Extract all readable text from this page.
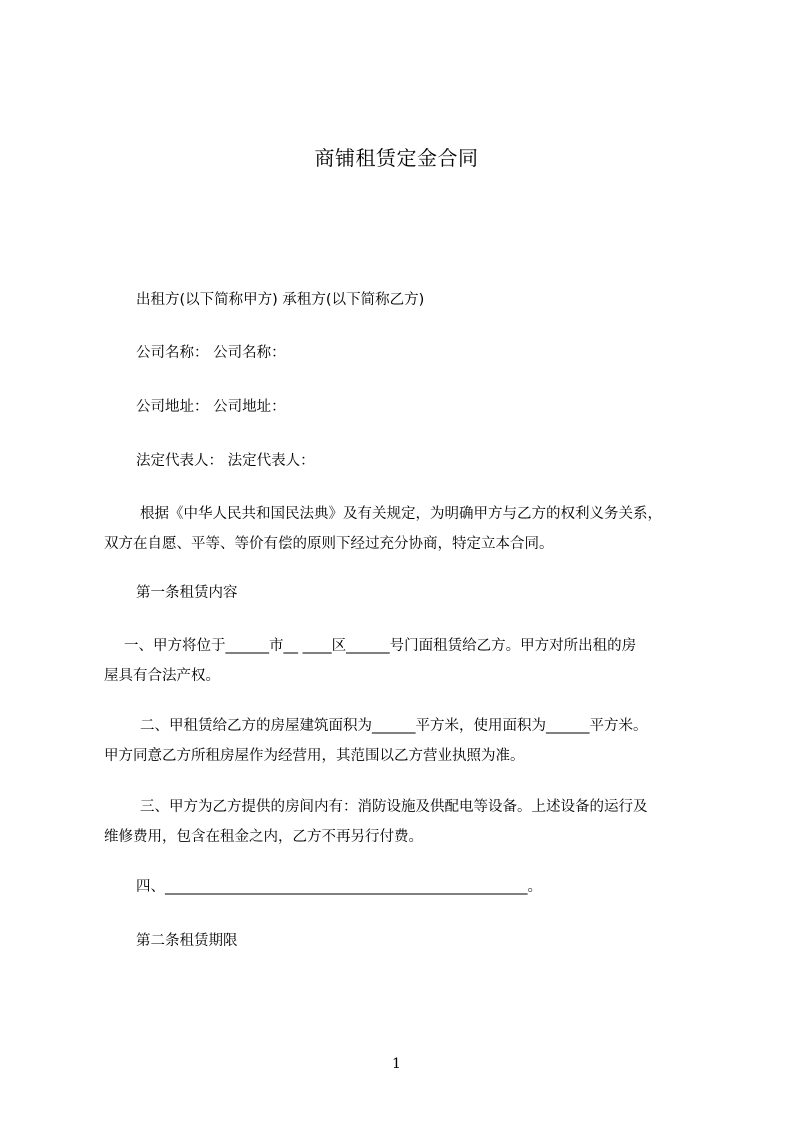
商铺租赁定金合同
出租方(以下简称甲方) 承租方(以下简称乙方)
公司名称： 公司名称：
公司地址： 公司地址：
法定代表人： 法定代表人：
根据《中华人民共和国民法典》及有关规定，为明确甲方与乙方的权利义务关系，
双方在自愿、平等、等价有偿的原则下经过充分协商，特定立本合同。
第一条租赁内容
一、甲方将位于______市__ ____区______号门面租赁给乙方。甲方对所出租的房
屋具有合法产权。
二、甲租赁给乙方的房屋建筑面积为______平方米，使用面积为______平方米。
甲方同意乙方所租房屋作为经营用，其范围以乙方营业执照为准。
三、甲方为乙方提供的房间内有：消防设施及供配电等设备。上述设备的运行及
维修费用，包含在租金之内，乙方不再另行付费。
四、__________________________________________________。
第二条租赁期限
1
